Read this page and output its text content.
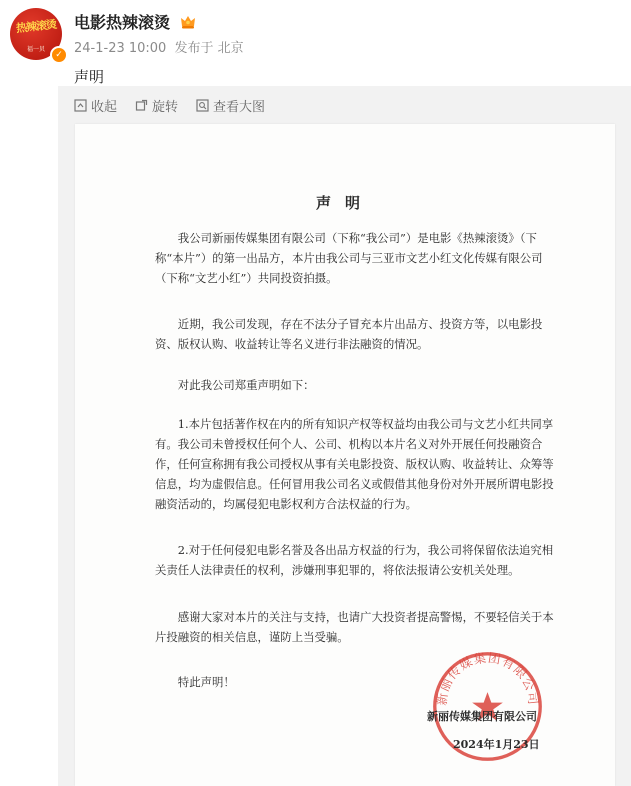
热辣滚烫
福一贝
✓
电影热辣滚烫
24-1-23 10:00 发布于 北京
声明
收起	旋转	查看大图
声明

我公司新丽传媒集团有限公司（下称“我公司”）是电影《热辣滚烫》（下称“本片”）的第一出品方，本片由我公司与三亚市文艺小红文化传媒有限公司（下称“文艺小红”）共同投资拍摄。

近期，我公司发现，存在不法分子冒充本片出品方、投资方等，以电影投资、版权认购、收益转让等名义进行非法融资的情况。

对此我公司郑重声明如下：

1.本片包括著作权在内的所有知识产权等权益均由我公司与文艺小红共同享有。我公司未曾授权任何个人、公司、机构以本片名义对外开展任何投融资合作，任何宣称拥有我公司授权从事有关电影投资、版权认购、收益转让、众筹等信息，均为虚假信息。任何冒用我公司名义或假借其他身份对外开展所谓电影投融资活动的，均属侵犯电影权利方合法权益的行为。

2.对于任何侵犯电影名誉及各出品方权益的行为，我公司将保留依法追究相关责任人法律责任的权利，涉嫌刑事犯罪的，将依法报请公安机关处理。

感谢大家对本片的关注与支持，也请广大投资者提高警惕，不要轻信关于本片投融资的相关信息，谨防上当受骗。

特此声明！

新丽传媒集团有限公司
新丽传媒集团有限公司
2024年1月23日
